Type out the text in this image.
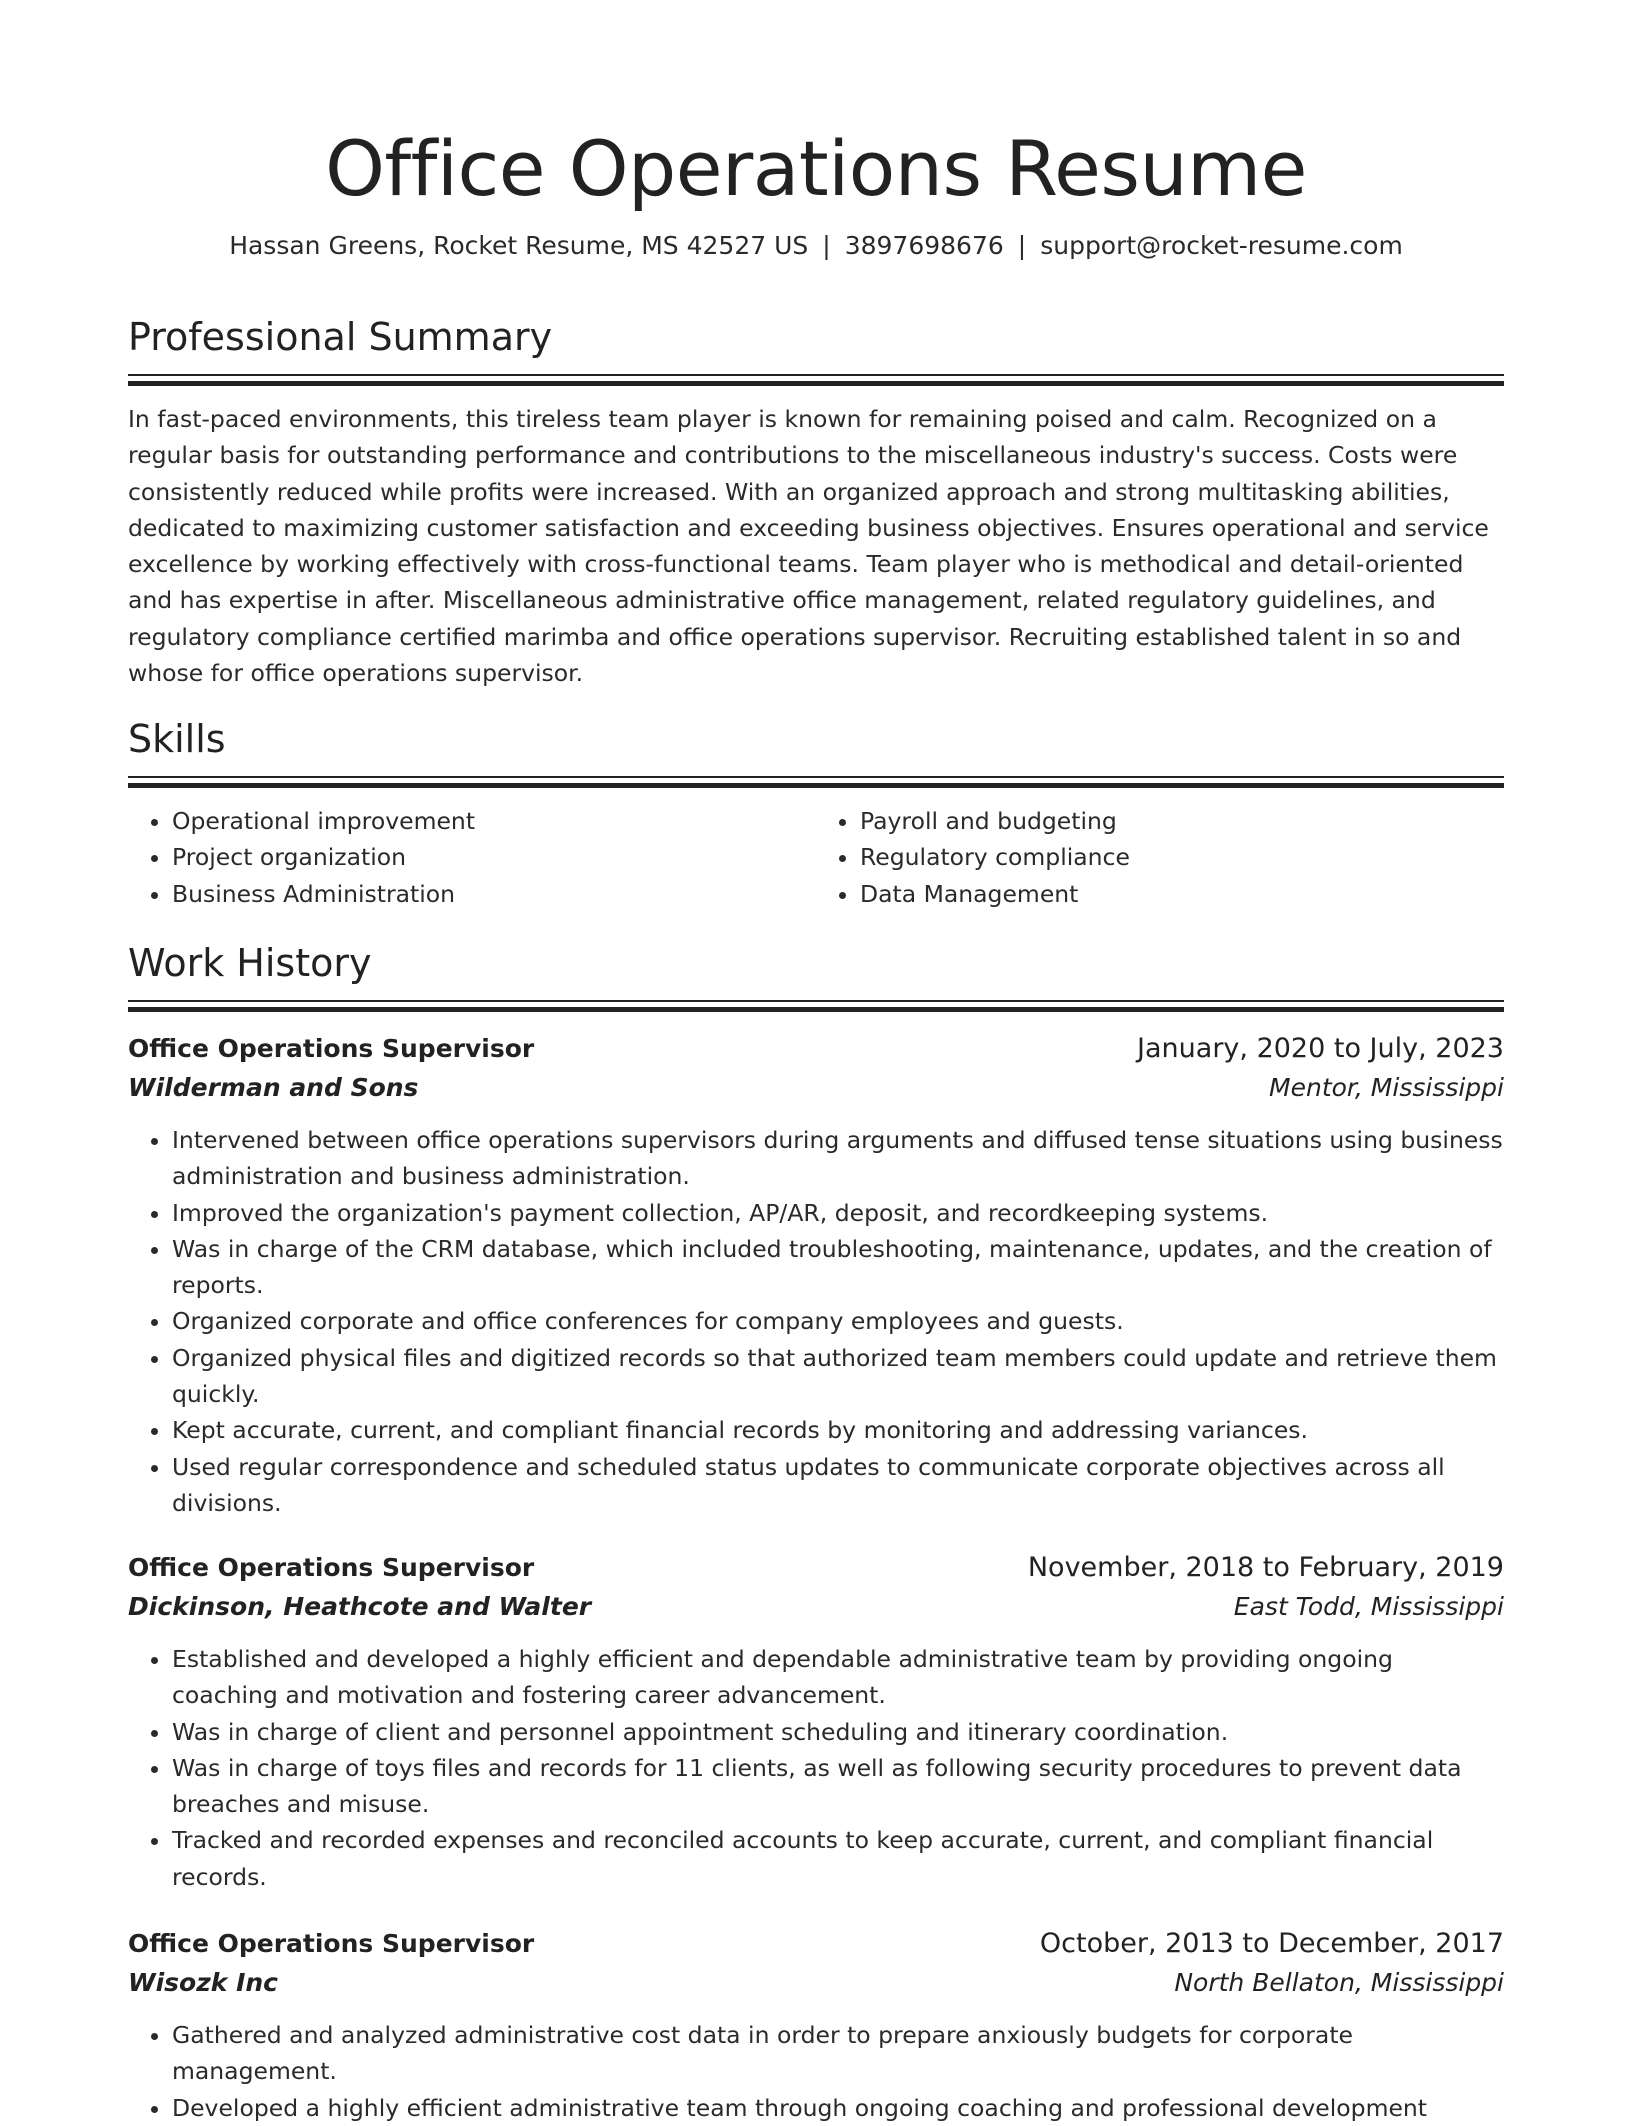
Office Operations Resume
Hassan Greens, Rocket Resume, MS 42527 US | 3897698676 | support@rocket-resume.com
Professional Summary
In fast-paced environments, this tireless team player is known for remaining poised and calm. Recognized on a regular basis for outstanding performance and contributions to the miscellaneous industry's success. Costs were consistently reduced while profits were increased. With an organized approach and strong multitasking abilities, dedicated to maximizing customer satisfaction and exceeding business objectives. Ensures operational and service excellence by working effectively with cross-functional teams. Team player who is methodical and detail-oriented and has expertise in after. Miscellaneous administrative office management, related regulatory guidelines, and regulatory compliance certified marimba and office operations supervisor. Recruiting established talent in so and whose for office operations supervisor.
Skills
• Operational improvement
• Project organization
• Business Administration
• Payroll and budgeting
• Regulatory compliance
• Data Management
Work History
Office Operations Supervisor	January, 2020 to July, 2023
Wilderman and Sons	Mentor, Mississippi
• Intervened between office operations supervisors during arguments and diffused tense situations using business administration and business administration.
• Improved the organization's payment collection, AP/AR, deposit, and recordkeeping systems.
• Was in charge of the CRM database, which included troubleshooting, maintenance, updates, and the creation of reports.
• Organized corporate and office conferences for company employees and guests.
• Organized physical files and digitized records so that authorized team members could update and retrieve them quickly.
• Kept accurate, current, and compliant financial records by monitoring and addressing variances.
• Used regular correspondence and scheduled status updates to communicate corporate objectives across all divisions.
Office Operations Supervisor	November, 2018 to February, 2019
Dickinson, Heathcote and Walter	East Todd, Mississippi
• Established and developed a highly efficient and dependable administrative team by providing ongoing coaching and motivation and fostering career advancement.
• Was in charge of client and personnel appointment scheduling and itinerary coordination.
• Was in charge of toys files and records for 11 clients, as well as following security procedures to prevent data breaches and misuse.
• Tracked and recorded expenses and reconciled accounts to keep accurate, current, and compliant financial records.
Office Operations Supervisor	October, 2013 to December, 2017
Wisozk Inc	North Bellaton, Mississippi
• Gathered and analyzed administrative cost data in order to prepare anxiously budgets for corporate management.
• Developed a highly efficient administrative team through ongoing coaching and professional development
